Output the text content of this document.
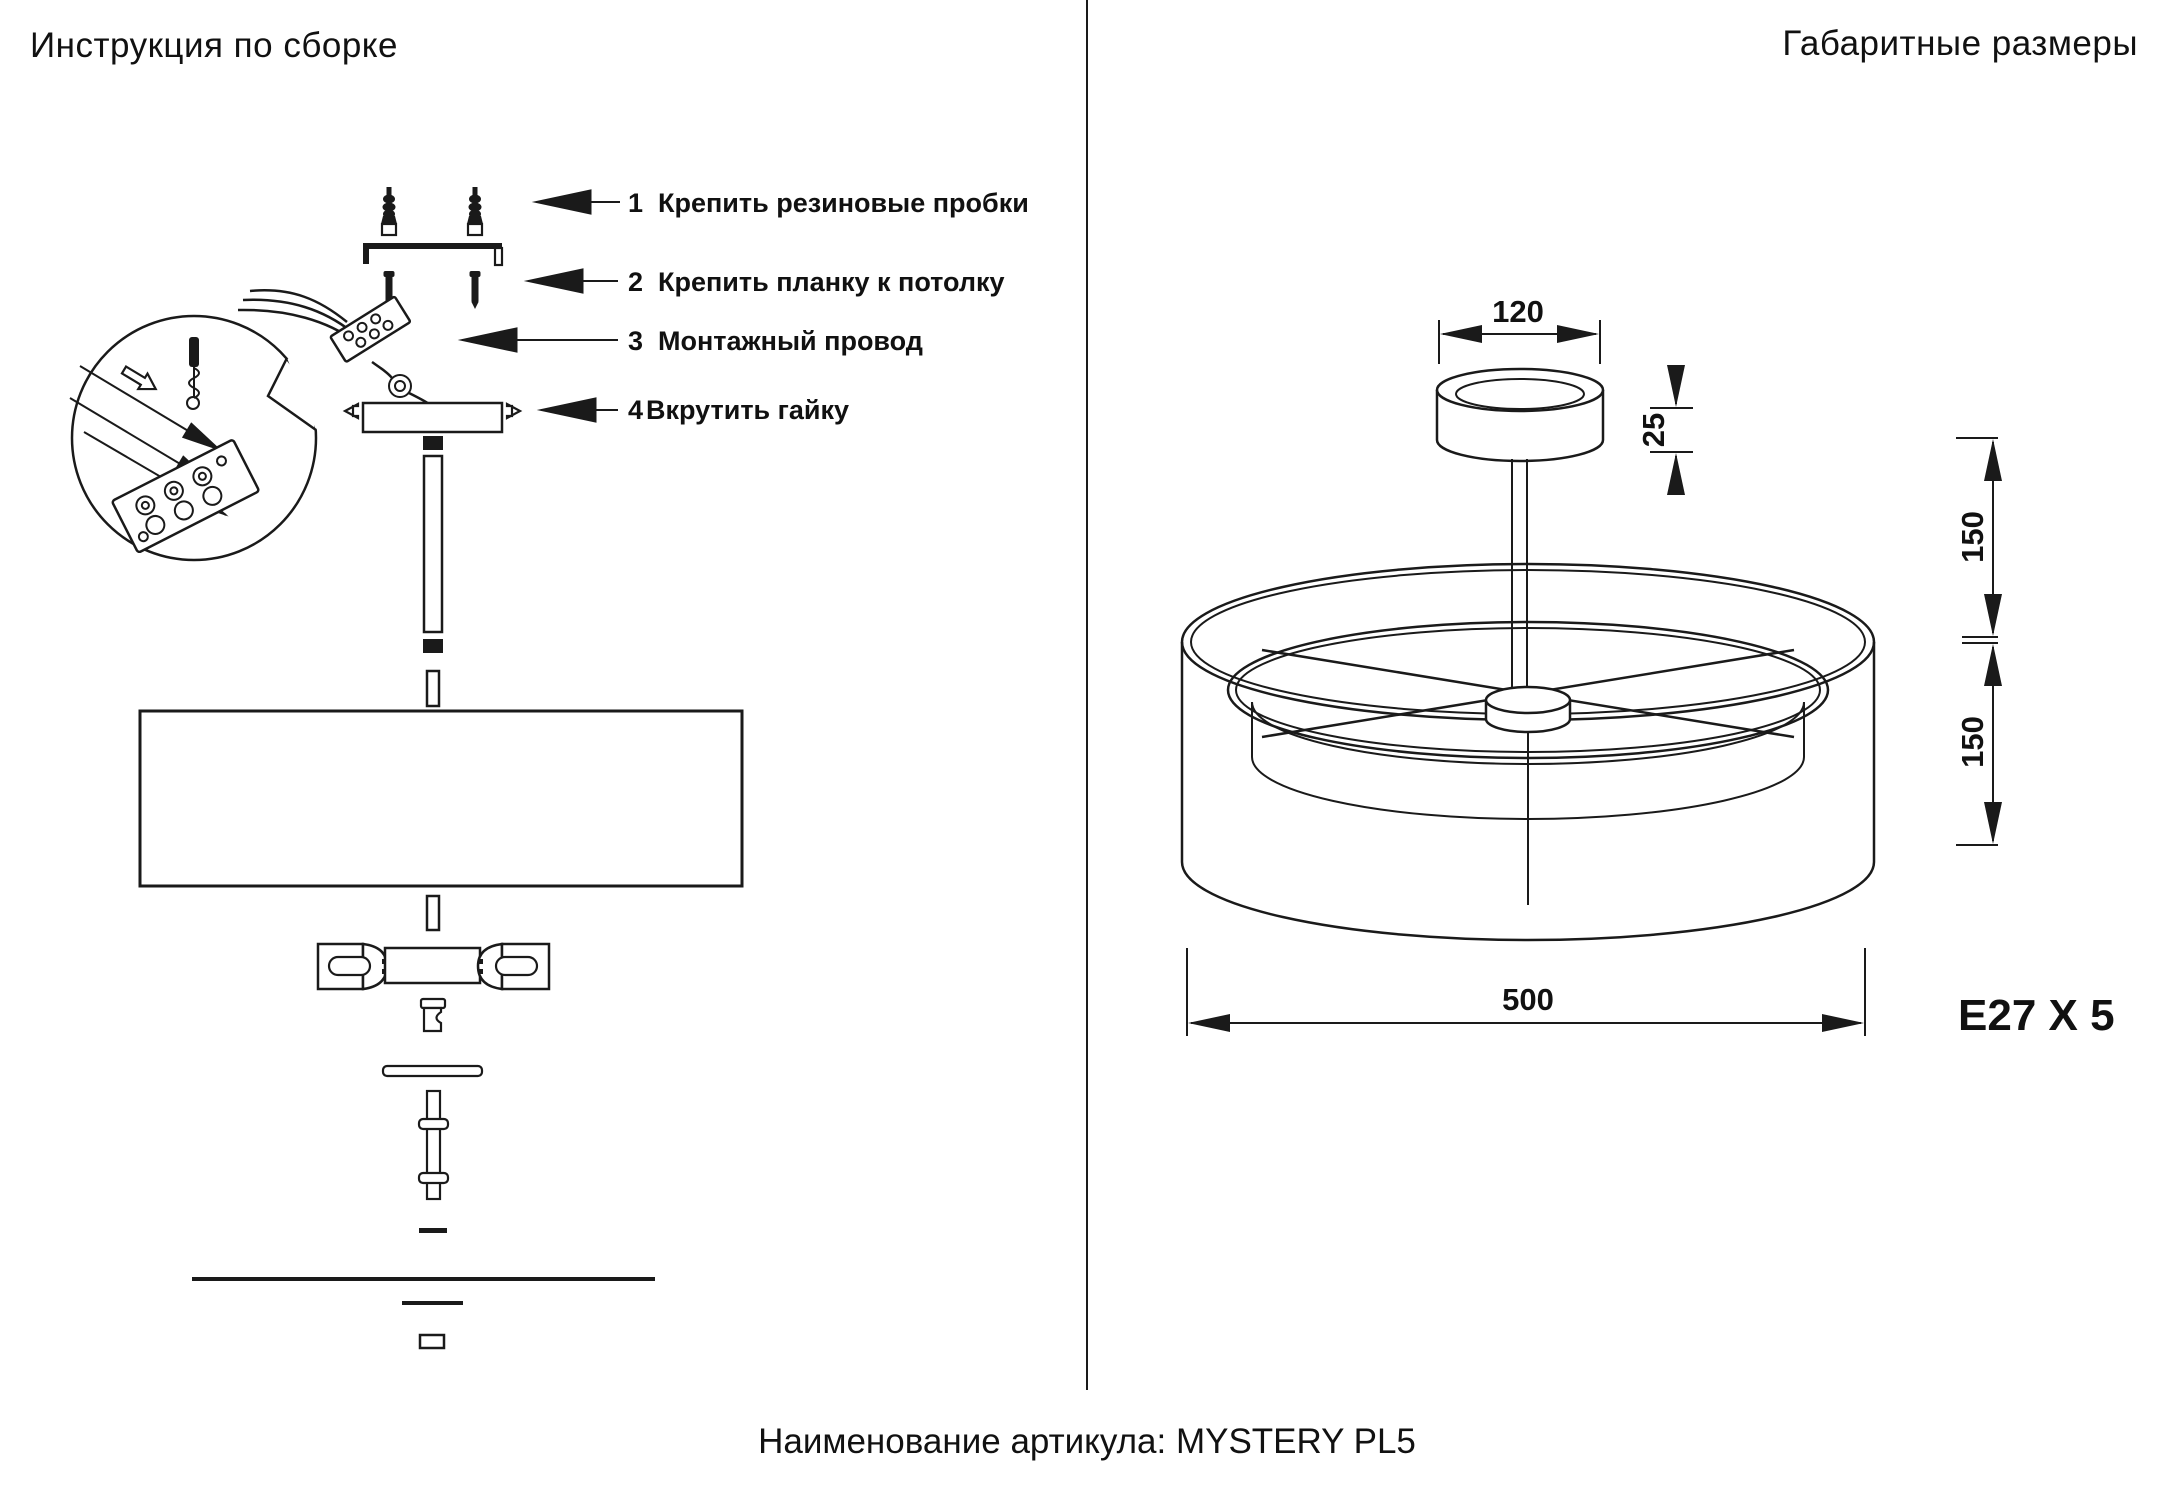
Инструкция по сборке	Габаритные размеры
Наименование артикула: MYSTERY PL5
1 Крепить резиновые пробки
2 Крепить планку к потолку
3 Монтажный провод
4 Вкрутить гайку
120
25
150
150
500	E27 X 5
